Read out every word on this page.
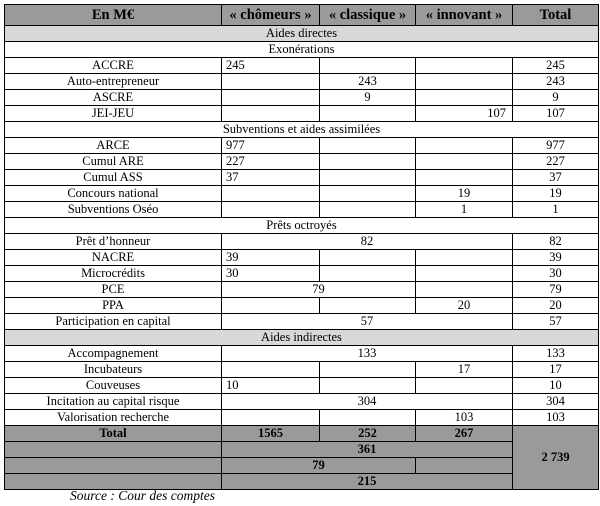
En M€	« chômeurs »	« classique »	« innovant »	Total
Aides directes				
Exonérations				
ACCRE	245			245
Auto-entrepreneur		243		243
ASCRE		9		9
JEI-JEU			107	107
Subventions et aides assimilées				
ARCE	977			977
Cumul ARE	227			227
Cumul ASS	37			37
Concours national			19	19
Subventions Oséo			1	1
Prêts octroyés				
Prêt d’honneur	82			82
NACRE	39			39
Microcrédits	30			30
PCE	79			79
PPA			20	20
Participation en capital	57			57
Aides indirectes				
Accompagnement	133			133
Incubateurs			17	17
Couveuses	10			10
Incitation au capital risque	304			304
Valorisation recherche			103	103
Total	1565	252	267	2 739
	361			
	79			
	215			
Source : Cour des comptes
